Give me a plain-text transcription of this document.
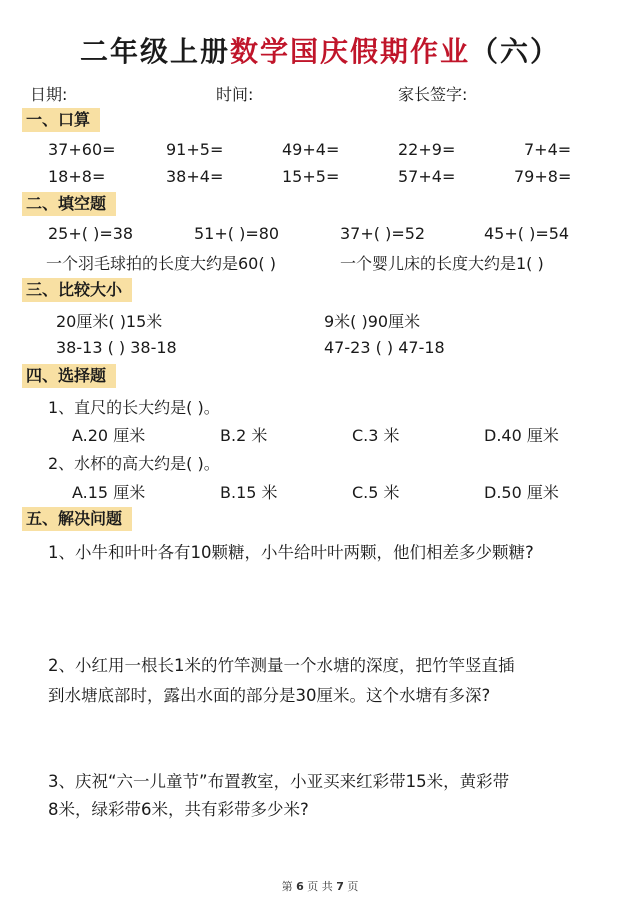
二年级上册数学国庆假期作业（六）
日期:	时间:	家长签字:
一、口算
37+60=	91+5=	49+4=	22+9=	7+4=
18+8=	38+4=	15+5=	57+4=	79+8=
二、填空题
25+( )=38	51+( )=80	37+( )=52	45+( )=54
一个羽毛球拍的长度大约是60( )	一个婴儿床的长度大约是1( )
三、比较大小
20厘米( )15米	9米( )90厘米
38-13 ( ) 38-18	47-23 ( ) 47-18
四、选择题
1、直尺的长大约是( )。
A.20 厘米	B.2 米	C.3 米	D.40 厘米
2、水杯的高大约是( )。
A.15 厘米	B.15 米	C.5 米	D.50 厘米
五、解决问题
1、小牛和叶叶各有10颗糖，小牛给叶叶两颗，他们相差多少颗糖?
2、小红用一根长1米的竹竿测量一个水塘的深度，把竹竿竖直插
到水塘底部时，露出水面的部分是30厘米。这个水塘有多深?
3、庆祝“六一儿童节”布置教室，小亚买来红彩带15米，黄彩带
8米，绿彩带6米，共有彩带多少米?
第 6 页 共 7 页
